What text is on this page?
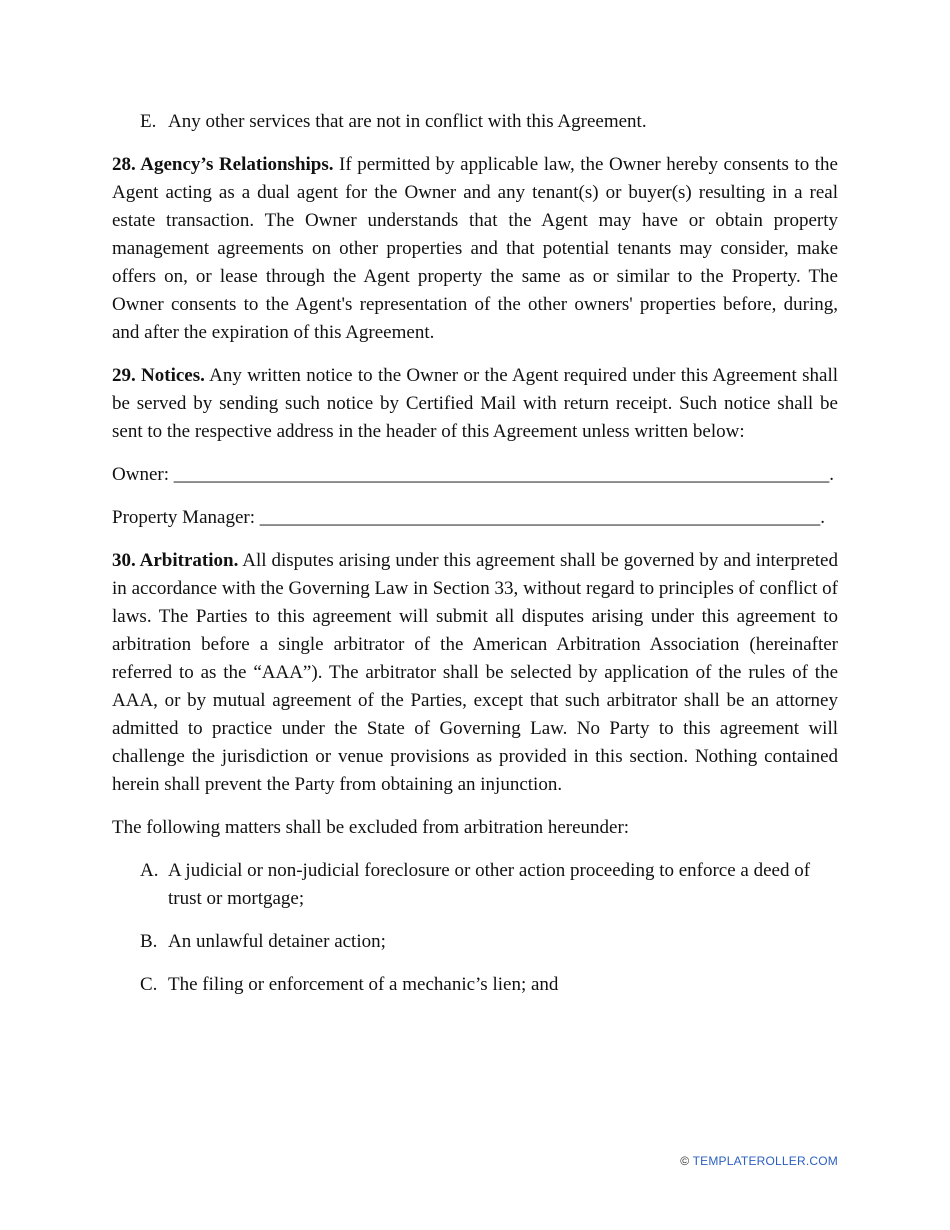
E. Any other services that are not in conflict with this Agreement.

28. Agency’s Relationships. If permitted by applicable law, the Owner hereby consents to the Agent acting as a dual agent for the Owner and any tenant(s) or buyer(s) resulting in a real estate transaction. The Owner understands that the Agent may have or obtain property management agreements on other properties and that potential tenants may consider, make offers on, or lease through the Agent property the same as or similar to the Property. The Owner consents to the Agent's representation of the other owners' properties before, during, and after the expiration of this Agreement.

29. Notices. Any written notice to the Owner or the Agent required under this Agreement shall be served by sending such notice by Certified Mail with return receipt. Such notice shall be sent to the respective address in the header of this Agreement unless written below:

Owner: _____________________________________________________________________.
Property Manager: ___________________________________________________________.

30. Arbitration. All disputes arising under this agreement shall be governed by and interpreted in accordance with the Governing Law in Section 33, without regard to principles of conflict of laws. The Parties to this agreement will submit all disputes arising under this agreement to arbitration before a single arbitrator of the American Arbitration Association (hereinafter referred to as the “AAA”). The arbitrator shall be selected by application of the rules of the AAA, or by mutual agreement of the Parties, except that such arbitrator shall be an attorney admitted to practice under the State of Governing Law. No Party to this agreement will challenge the jurisdiction or venue provisions as provided in this section. Nothing contained herein shall prevent the Party from obtaining an injunction.

The following matters shall be excluded from arbitration hereunder:

A. A judicial or non-judicial foreclosure or other action proceeding to enforce a deed of trust or mortgage;
B. An unlawful detainer action;
C. The filing or enforcement of a mechanic’s lien; and
© TEMPLATEROLLER.COM
